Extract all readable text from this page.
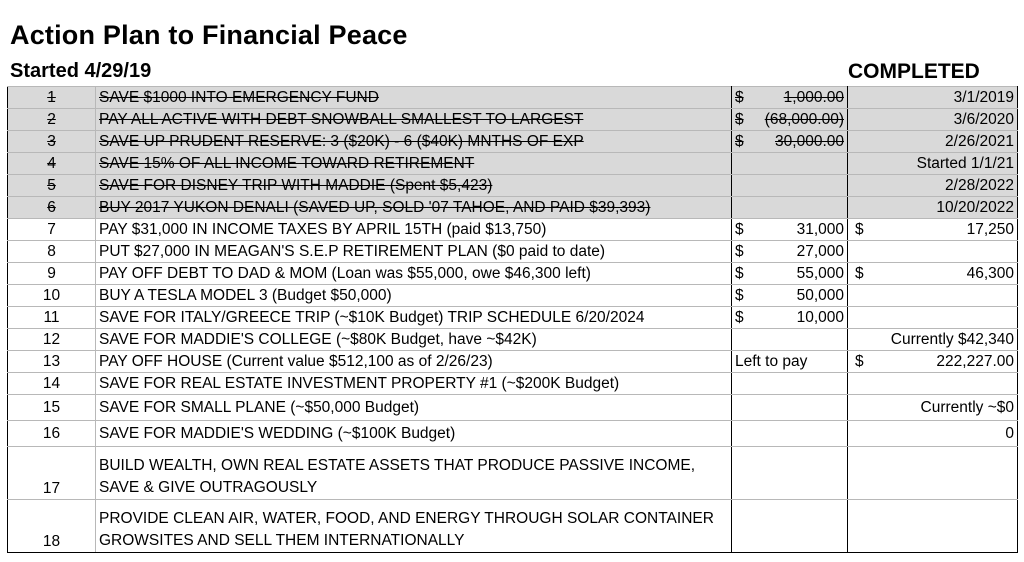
Action Plan to Financial Peace
Started 4/29/19	COMPLETED
1	SAVE $1000 INTO EMERGENCY FUND	$ 1,000.00	3/1/2019
2	PAY ALL ACTIVE WITH DEBT SNOWBALL SMALLEST TO LARGEST	$ (68,000.00)	3/6/2020
3	SAVE UP PRUDENT RESERVE: 3 ($20K) - 6 ($40K) MNTHS OF EXP	$ 30,000.00	2/26/2021
4	SAVE 15% OF ALL INCOME TOWARD RETIREMENT		Started 1/1/21
5	SAVE FOR DISNEY TRIP WITH MADDIE (Spent $5,423)		2/28/2022
6	BUY 2017 YUKON DENALI (SAVED UP, SOLD '07 TAHOE, AND PAID $39,393)		10/20/2022
7	PAY $31,000 IN INCOME TAXES BY APRIL 15TH (paid $13,750)	$ 31,000	$ 17,250

8	PUT $27,000 IN MEAGAN'S S.E.P RETIREMENT PLAN ($0 paid to date)	$ 27,000	

9	PAY OFF DEBT TO DAD & MOM (Loan was $55,000, owe $46,300 left)	$ 55,000	$ 46,300

10	BUY A TESLA MODEL 3 (Budget $50,000)	$ 50,000	

11	SAVE FOR ITALY/GREECE TRIP (~$10K Budget) TRIP SCHEDULE 6/20/2024	$ 10,000	

12	SAVE FOR MADDIE'S COLLEGE (~$80K Budget, have ~$42K)		Currently $42,340
13	PAY OFF HOUSE (Current value $512,100 as of 2/26/23)	Left to pay	$ 222,227.00

14	SAVE FOR REAL ESTATE INVESTMENT PROPERTY #1 (~$200K Budget)		
15	SAVE FOR SMALL PLANE (~$50,000 Budget)		Currently ~$0
16	SAVE FOR MADDIE'S WEDDING (~$100K Budget)		0
17	BUILD WEALTH, OWN REAL ESTATE ASSETS THAT PRODUCE PASSIVE INCOME, SAVE & GIVE OUTRAGOUSLY		
18	PROVIDE CLEAN AIR, WATER, FOOD, AND ENERGY THROUGH SOLAR CONTAINER GROWSITES AND SELL THEM INTERNATIONALLY		
